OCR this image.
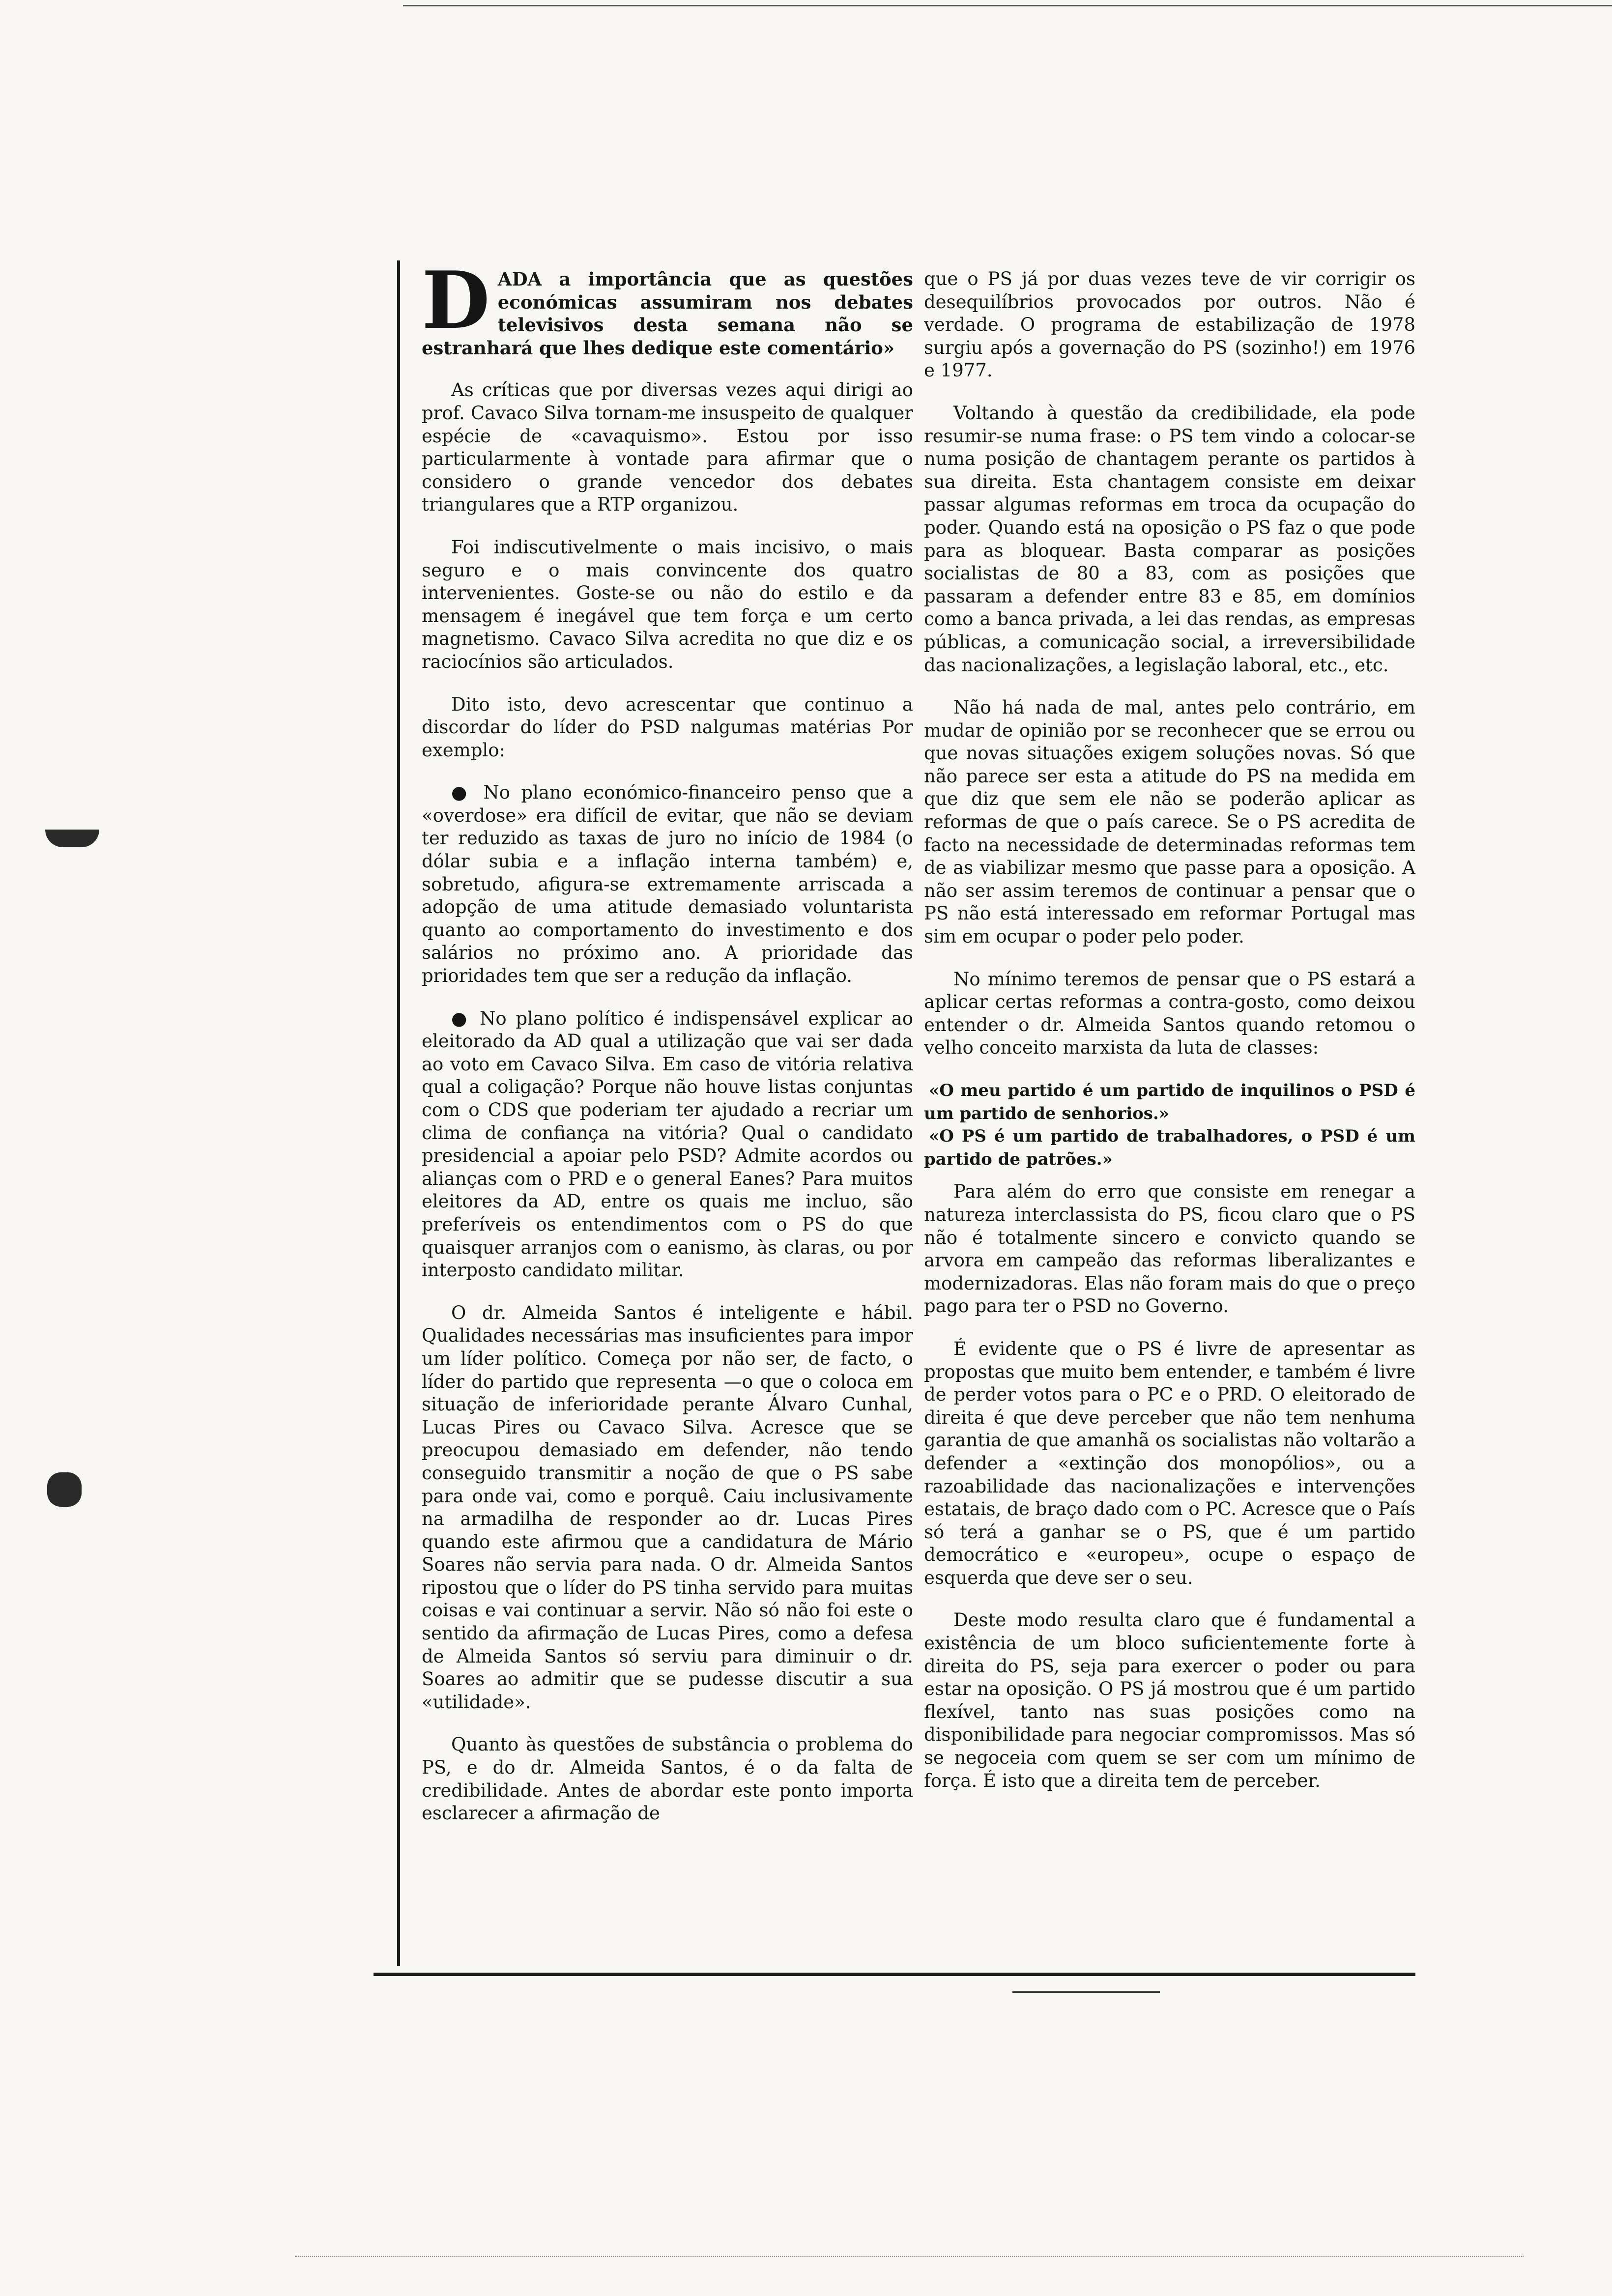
DADA a importância que as questões económicas assumiram nos debates televisivos desta semana não se estranhará que lhes dedique este comentário»

As críticas que por diversas vezes aqui dirigi ao prof. Cavaco Silva tornam-me insuspeito de qualquer espécie de «cavaquismo». Estou por isso particularmente à vontade para afirmar que o considero o grande vencedor dos debates triangulares que a RTP organizou.

Foi indiscutivelmente o mais incisivo, o mais seguro e o mais convincente dos quatro intervenientes. Goste-se ou não do estilo e da mensagem é inegável que tem força e um certo magnetismo. Cavaco Silva acredita no que diz e os raciocínios são articulados.

Dito isto, devo acrescentar que continuo a discordar do líder do PSD nalgumas matérias Por exemplo:

● No plano económico-financeiro penso que a «overdose» era difícil de evitar, que não se deviam ter reduzido as taxas de juro no início de 1984 (o dólar subia e a inflação interna também) e, sobretudo, afigura-se extremamente arriscada a adopção de uma atitude demasiado voluntarista quanto ao comportamento do investimento e dos salários no próximo ano. A prioridade das prioridades tem que ser a redução da inflação.

● No plano político é indispensável explicar ao eleitorado da AD qual a utilização que vai ser dada ao voto em Cavaco Silva. Em caso de vitória relativa qual a coligação? Porque não houve listas conjuntas com o CDS que poderiam ter ajudado a recriar um clima de confiança na vitória? Qual o candidato presidencial a apoiar pelo PSD? Admite acordos ou alianças com o PRD e o general Eanes? Para muitos eleitores da AD, entre os quais me incluo, são preferíveis os entendimentos com o PS do que quaisquer arranjos com o eanismo, às claras, ou por interposto candidato militar.

O dr. Almeida Santos é inteligente e hábil. Qualidades necessárias mas insuficientes para impor um líder político. Começa por não ser, de facto, o líder do partido que representa —o que o coloca em situação de inferioridade perante Álvaro Cunhal, Lucas Pires ou Cavaco Silva. Acresce que se preocupou demasiado em defender, não tendo conseguido transmitir a noção de que o PS sabe para onde vai, como e porquê. Caiu inclusivamente na armadilha de responder ao dr. Lucas Pires quando este afirmou que a candidatura de Mário Soares não servia para nada. O dr. Almeida Santos ripostou que o líder do PS tinha servido para muitas coisas e vai continuar a servir. Não só não foi este o sentido da afirmação de Lucas Pires, como a defesa de Almeida Santos só serviu para diminuir o dr. Soares ao admitir que se pudesse discutir a sua «utilidade».

Quanto às questões de substância o problema do PS, e do dr. Almeida Santos, é o da falta de credibilidade. Antes de abordar este ponto importa esclarecer a afirmação de

que o PS já por duas vezes teve de vir corrigir os desequilíbrios provocados por outros. Não é verdade. O programa de estabilização de 1978 surgiu após a governação do PS (sozinho!) em 1976 e 1977.

Voltando à questão da credibilidade, ela pode resumir-se numa frase: o PS tem vindo a colocar-se numa posição de chantagem perante os partidos à sua direita. Esta chantagem consiste em deixar passar algumas reformas em troca da ocupação do poder. Quando está na oposição o PS faz o que pode para as bloquear. Basta comparar as posições socialistas de 80 a 83, com as posições que passaram a defender entre 83 e 85, em domínios como a banca privada, a lei das rendas, as empresas públicas, a comunicação social, a irreversibilidade das nacionalizações, a legislação laboral, etc., etc.

Não há nada de mal, antes pelo contrário, em mudar de opinião por se reconhecer que se errou ou que novas situações exigem soluções novas. Só que não parece ser esta a atitude do PS na medida em que diz que sem ele não se poderão aplicar as reformas de que o país carece. Se o PS acredita de facto na necessidade de determinadas reformas tem de as viabilizar mesmo que passe para a oposição. A não ser assim teremos de continuar a pensar que o PS não está interessado em reformar Portugal mas sim em ocupar o poder pelo poder.

No mínimo teremos de pensar que o PS estará a aplicar certas reformas a contra-gosto, como deixou entender o dr. Almeida Santos quando retomou o velho conceito marxista da luta de classes:

«O meu partido é um partido de inquilinos o PSD é um partido de senhorios.»

«O PS é um partido de trabalhadores, o PSD é um partido de patrões.»

Para além do erro que consiste em renegar a natureza interclassista do PS, ficou claro que o PS não é totalmente sincero e convicto quando se arvora em campeão das reformas liberalizantes e modernizadoras. Elas não foram mais do que o preço pago para ter o PSD no Governo.

É evidente que o PS é livre de apresentar as propostas que muito bem entender, e também é livre de perder votos para o PC e o PRD. O eleitorado de direita é que deve perceber que não tem nenhuma garantia de que amanhã os socialistas não voltarão a defender a «extinção dos monopólios», ou a razoabilidade das nacionalizações e intervenções estatais, de braço dado com o PC. Acresce que o País só terá a ganhar se o PS, que é um partido democrático e «europeu», ocupe o espaço de esquerda que deve ser o seu.

Deste modo resulta claro que é fundamental a existência de um bloco suficientemente forte à direita do PS, seja para exercer o poder ou para estar na oposição. O PS já mostrou que é um partido flexível, tanto nas suas posições como na disponibilidade para negociar compromissos. Mas só se negoceia com quem se ser com um mínimo de força. É isto que a direita tem de perceber.
